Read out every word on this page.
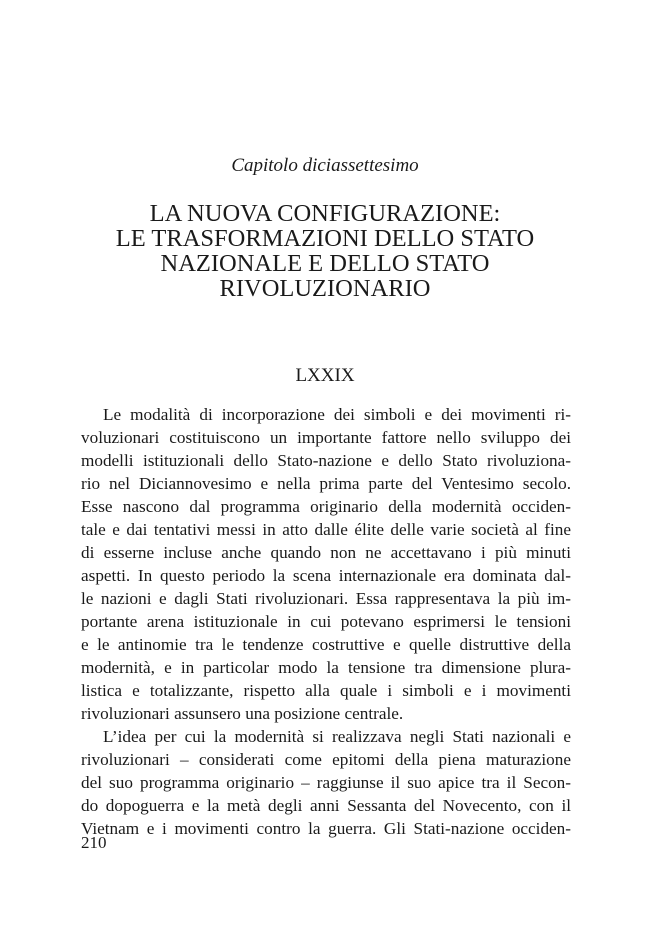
Capitolo diciassettesimo
LA NUOVA CONFIGURAZIONE:
LE TRASFORMAZIONI DELLO STATO
NAZIONALE E DELLO STATO
RIVOLUZIONARIO
LXXIX
Le modalità di incorporazione dei simboli e dei movimenti ri-
voluzionari costituiscono un importante fattore nello sviluppo dei
modelli istituzionali dello Stato-nazione e dello Stato rivoluziona-
rio nel Diciannovesimo e nella prima parte del Ventesimo secolo.
Esse nascono dal programma originario della modernità occiden-
tale e dai tentativi messi in atto dalle élite delle varie società al fine
di esserne incluse anche quando non ne accettavano i più minuti
aspetti. In questo periodo la scena internazionale era dominata dal-
le nazioni e dagli Stati rivoluzionari. Essa rappresentava la più im-
portante arena istituzionale in cui potevano esprimersi le tensioni
e le antinomie tra le tendenze costruttive e quelle distruttive della
modernità, e in particolar modo la tensione tra dimensione plura-
listica e totalizzante, rispetto alla quale i simboli e i movimenti
rivoluzionari assunsero una posizione centrale.
L’idea per cui la modernità si realizzava negli Stati nazionali e
rivoluzionari – considerati come epitomi della piena maturazione
del suo programma originario – raggiunse il suo apice tra il Secon-
do dopoguerra e la metà degli anni Sessanta del Novecento, con il
Vietnam e i movimenti contro la guerra. Gli Stati-nazione occiden-
210
